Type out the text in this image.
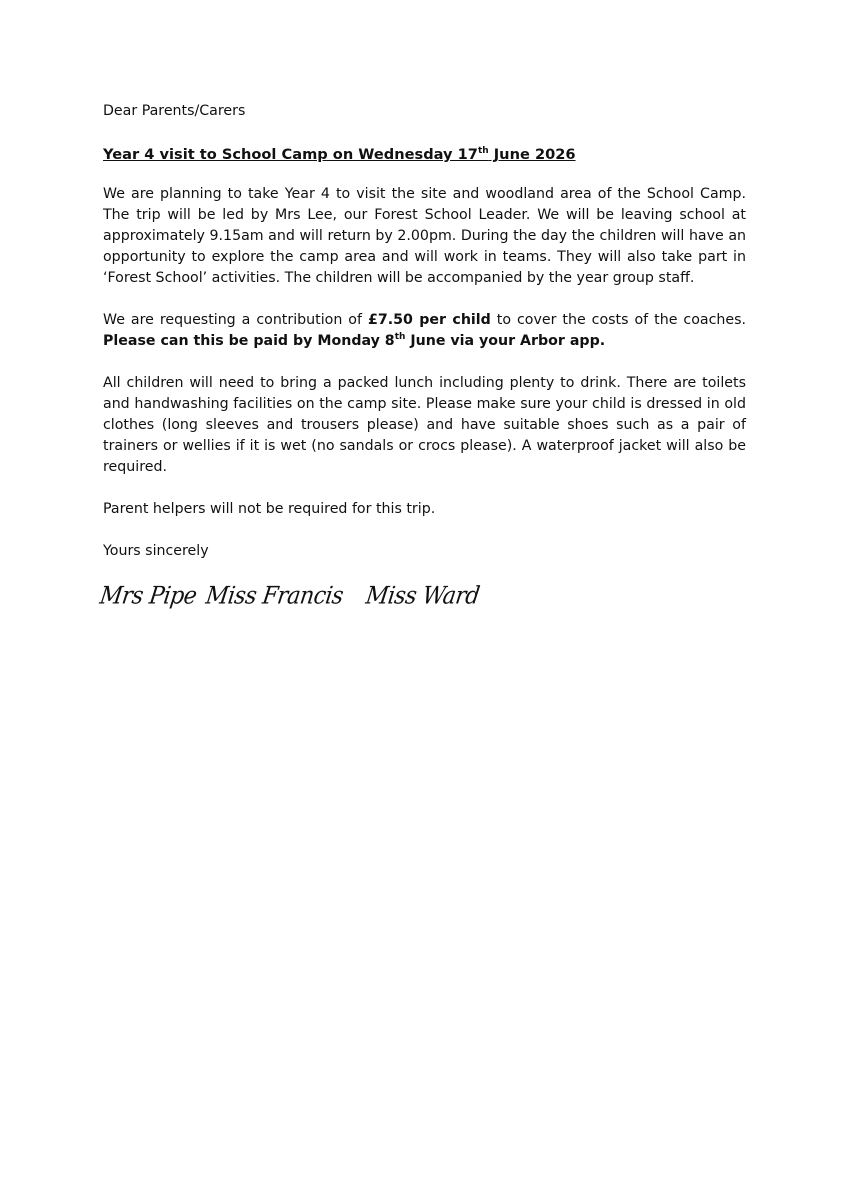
Dear Parents/Carers

Year 4 visit to School Camp on Wednesday 17th June 2026

We are planning to take Year 4 to visit the site and woodland area of the School Camp. The trip will be led by Mrs Lee, our Forest School Leader. We will be leaving school at approximately 9.15am and will return by 2.00pm. During the day the children will have an opportunity to explore the camp area and will work in teams. They will also take part in ‘Forest School’ activities. The children will be accompanied by the year group staff.

We are requesting a contribution of £7.50 per child to cover the costs of the coaches. Please can this be paid by Monday 8th June via your Arbor app.

All children will need to bring a packed lunch including plenty to drink. There are toilets and handwashing facilities on the camp site. Please make sure your child is dressed in old clothes (long sleeves and trousers please) and have suitable shoes such as a pair of trainers or wellies if it is wet (no sandals or crocs please). A waterproof jacket will also be required.

Parent helpers will not be required for this trip.

Yours sincerely

Mrs Pipe Miss Francis Miss Ward
